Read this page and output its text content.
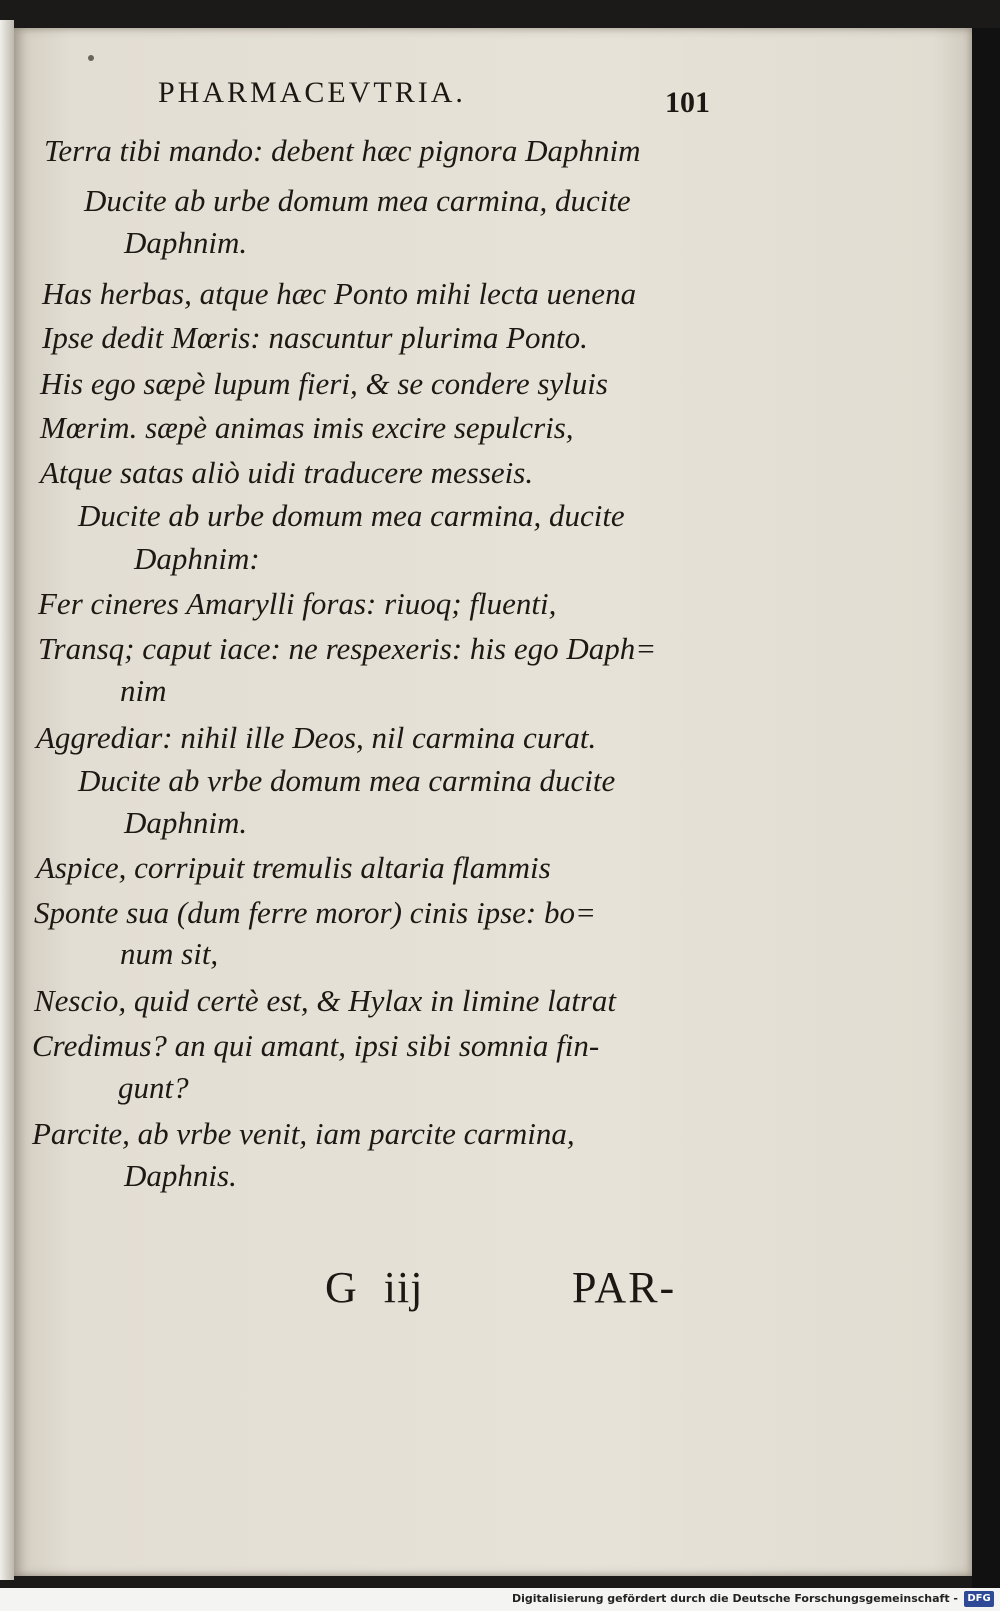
PHARMACEVTRIA.	101
Terra tibi mando: debent hæc pignora Daphnim
Ducite ab urbe domum mea carmina, ducite
Daphnim.
Has herbas, atque hæc Ponto mihi lecta uenena
Ipse dedit Mœris: nascuntur plurima Ponto.
His ego sæpè lupum fieri, & se condere syluis
Mœrim. sæpè animas imis excire sepulcris,
Atque satas aliò uidi traducere messeis.
Ducite ab urbe domum mea carmina, ducite
Daphnim:
Fer cineres Amarylli foras: riuoq; fluenti,
Transq; caput iace: ne respexeris: his ego Daph=
nim
Aggrediar: nihil ille Deos, nil carmina curat.
Ducite ab vrbe domum mea carmina ducite
Daphnim.
Aspice, corripuit tremulis altaria flammis
Sponte sua (dum ferre moror) cinis ipse: bo=
num sit,
Nescio, quid certè est, & Hylax in limine latrat
Credimus? an qui amant, ipsi sibi somnia fin-
gunt?
Parcite, ab vrbe venit, iam parcite carmina,
Daphnis.
G iij	PAR-
Digitalisierung gefördert durch die Deutsche Forschungsgemeinschaft - DFG
